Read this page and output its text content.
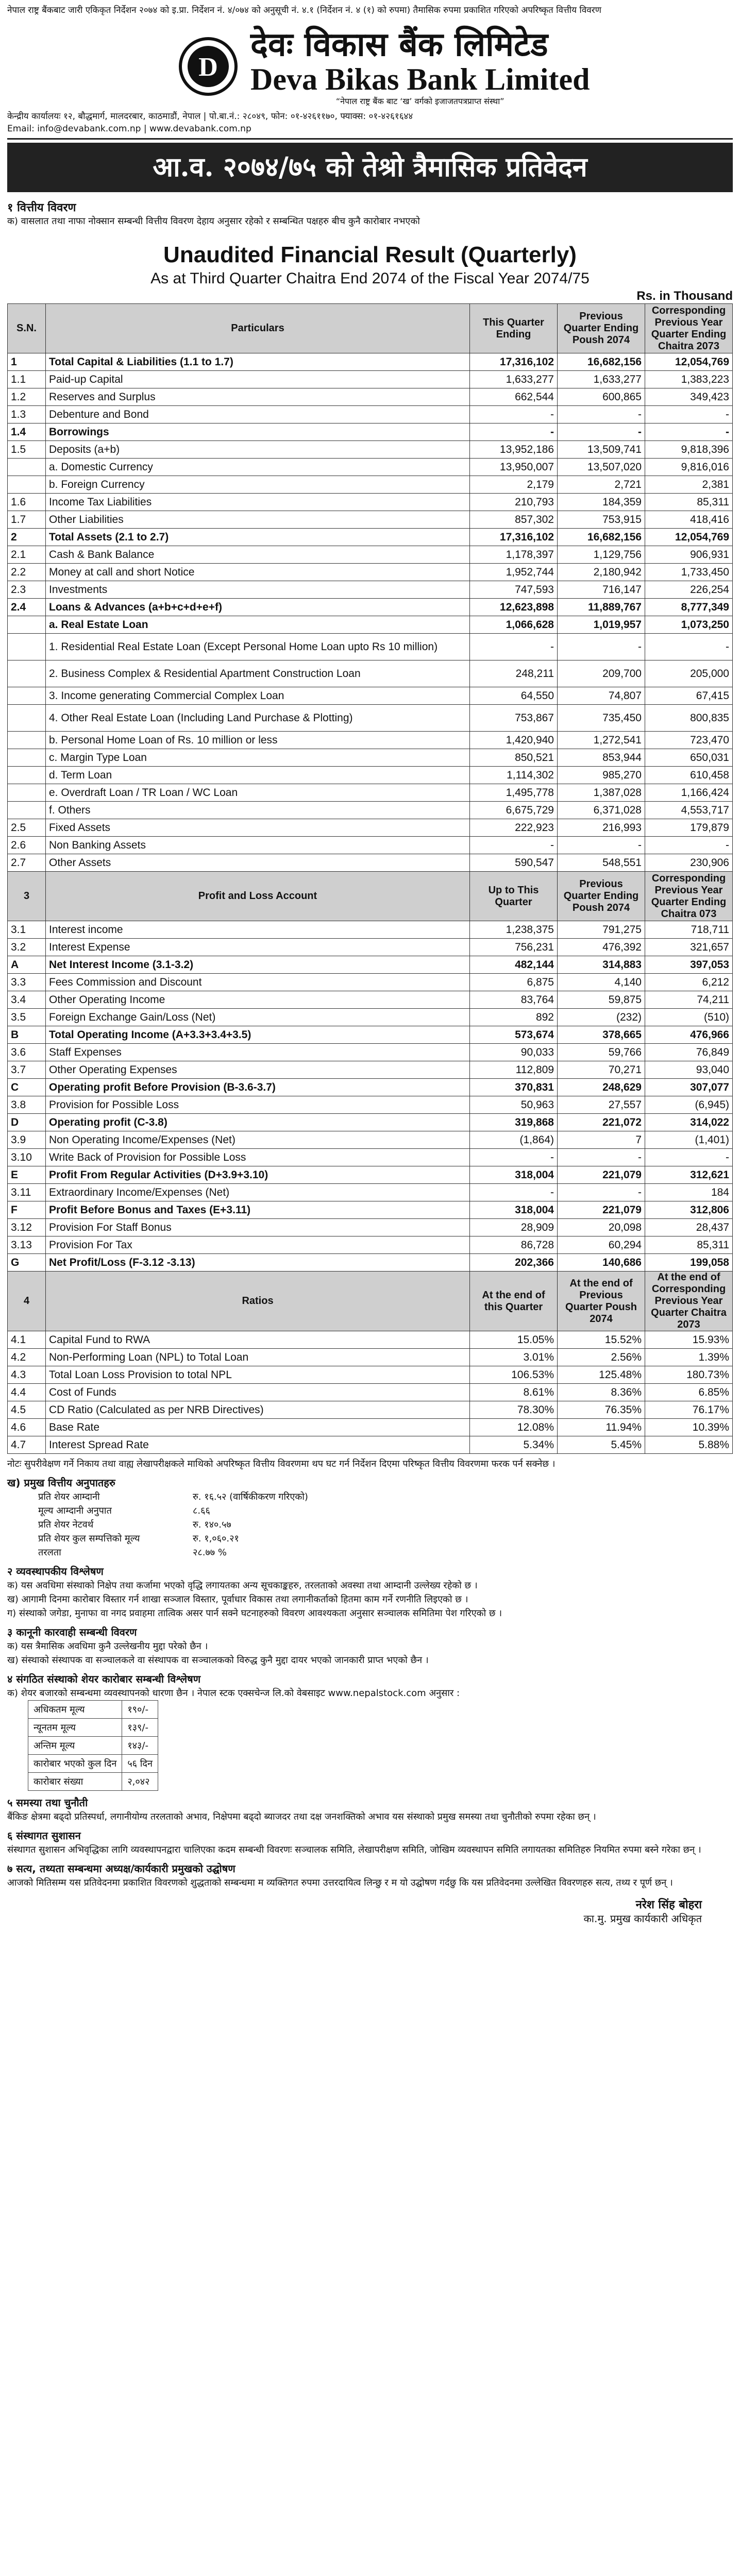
नेपाल राष्ट्र बैंकबाट जारी एकिकृत निर्देशन २०७४ को इ.प्रा. निर्देशन नं. ४/०७४ को अनुसूची नं. ४.१ (निर्देशन नं. ४ (१) को रुपमा) तैमासिक रुपमा प्रकाशित गरिएको अपरिष्कृत वित्तीय विवरण
D
देवः विकास बैंक लिमिटेड
Deva Bikas Bank Limited
“नेपाल राष्ट्र बैंक बाट ‘ख’ वर्गको इजाजतपत्रप्राप्त संस्था”
केन्द्रीय कार्यालयः १२, बौद्धमार्ग, मालदरबार, काठमाडौं, नेपाल | पो.बा.नं.: २८०४९, फोन: ०१-४२६११७०, फ्याक्स: ०१-४२६१६४४
Email: info@devabank.com.np | www.devabank.com.np
आ.व. २०७४/७५ को तेश्रो त्रैमासिक प्रतिवेदन
१ वित्तीय विवरण
क) वासलात तथा नाफा नोक्सान सम्बन्धी वित्तीय विवरण देहाय अनुसार रहेको र सम्बन्धित पक्षहरु बीच कुनै कारोबार नभएको
Unaudited Financial Result (Quarterly)
As at Third Quarter Chaitra End 2074 of the Fiscal Year 2074/75
Rs. in Thousand
S.N.	Particulars	This Quarter Ending	Previous Quarter Ending Poush 2074	Corresponding Previous Year Quarter Ending Chaitra 2073
1	Total Capital & Liabilities (1.1 to 1.7)	17,316,102	16,682,156	12,054,769
1.1	Paid-up Capital	1,633,277	1,633,277	1,383,223
1.2	Reserves and Surplus	662,544	600,865	349,423
1.3	Debenture and Bond	-	-	-
1.4	Borrowings	-	-	-
1.5	Deposits (a+b)	13,952,186	13,509,741	9,818,396
	a. Domestic Currency	13,950,007	13,507,020	9,816,016
	b. Foreign Currency	2,179	2,721	2,381
1.6	Income Tax Liabilities	210,793	184,359	85,311
1.7	Other Liabilities	857,302	753,915	418,416
2	Total Assets (2.1 to 2.7)	17,316,102	16,682,156	12,054,769
2.1	Cash & Bank Balance	1,178,397	1,129,756	906,931
2.2	Money at call and short Notice	1,952,744	2,180,942	1,733,450
2.3	Investments	747,593	716,147	226,254
2.4	Loans & Advances (a+b+c+d+e+f)	12,623,898	11,889,767	8,777,349
	a. Real Estate Loan	1,066,628	1,019,957	1,073,250
	1. Residential Real Estate Loan (Except Personal Home Loan upto Rs 10 million)	-	-	-
	2. Business Complex & Residential Apartment Construction Loan	248,211	209,700	205,000
	3. Income generating Commercial Complex Loan	64,550	74,807	67,415
	4. Other Real Estate Loan (Including Land Purchase & Plotting)	753,867	735,450	800,835
	b. Personal Home Loan of Rs. 10 million or less	1,420,940	1,272,541	723,470
	c. Margin Type Loan	850,521	853,944	650,031
	d. Term Loan	1,114,302	985,270	610,458
	e. Overdraft Loan / TR Loan / WC Loan	1,495,778	1,387,028	1,166,424
	f. Others	6,675,729	6,371,028	4,553,717
2.5	Fixed Assets	222,923	216,993	179,879
2.6	Non Banking Assets	-	-	-
2.7	Other Assets	590,547	548,551	230,906
3	Profit and Loss Account	Up to This Quarter	Previous Quarter Ending Poush 2074	Corresponding Previous Year Quarter Ending Chaitra 073
3.1	Interest income	1,238,375	791,275	718,711
3.2	Interest Expense	756,231	476,392	321,657
A	Net Interest Income (3.1-3.2)	482,144	314,883	397,053
3.3	Fees Commission and Discount	6,875	4,140	6,212
3.4	Other Operating Income	83,764	59,875	74,211
3.5	Foreign Exchange Gain/Loss (Net)	892	(232)	(510)
B	Total Operating Income (A+3.3+3.4+3.5)	573,674	378,665	476,966
3.6	Staff Expenses	90,033	59,766	76,849
3.7	Other Operating Expenses	112,809	70,271	93,040
C	Operating profit Before Provision (B-3.6-3.7)	370,831	248,629	307,077
3.8	Provision for Possible Loss	50,963	27,557	(6,945)
D	Operating profit (C-3.8)	319,868	221,072	314,022
3.9	Non Operating Income/Expenses (Net)	(1,864)	7	(1,401)
3.10	Write Back of Provision for Possible Loss	-	-	-
E	Profit From Regular Activities (D+3.9+3.10)	318,004	221,079	312,621
3.11	Extraordinary Income/Expenses (Net)	-	-	184
F	Profit Before Bonus and Taxes (E+3.11)	318,004	221,079	312,806
3.12	Provision For Staff Bonus	28,909	20,098	28,437
3.13	Provision For Tax	86,728	60,294	85,311
G	Net Profit/Loss (F-3.12 -3.13)	202,366	140,686	199,058
4	Ratios	At the end of this Quarter	At the end of Previous Quarter Poush 2074	At the end of Corresponding Previous Year Quarter Chaitra 2073
4.1	Capital Fund to RWA	15.05%	15.52%	15.93%
4.2	Non-Performing Loan (NPL) to Total Loan	3.01%	2.56%	1.39%
4.3	Total Loan Loss Provision to total NPL	106.53%	125.48%	180.73%
4.4	Cost of Funds	8.61%	8.36%	6.85%
4.5	CD Ratio (Calculated as per NRB Directives)	78.30%	76.35%	76.17%
4.6	Base Rate	12.08%	11.94%	10.39%
4.7	Interest Spread Rate	5.34%	5.45%	5.88%
नोटः सुपरीवेक्षण गर्ने निकाय तथा वाह्य लेखापरीक्षकले माथिको अपरिष्कृत वित्तीय विवरणमा थप घट गर्न निर्देशन दिएमा परिष्कृत वित्तीय विवरणमा फरक पर्न सक्नेछ ।
ख) प्रमुख वित्तीय अनुपातहरु
प्रति शेयर आम्दानी	रु. १६.५२ (वार्षिकीकरण गरिएको)
मूल्य आम्दानी अनुपात	८.६६
प्रति शेयर नेटवर्थ	रु. १४०.५७
प्रति शेयर कुल सम्पत्तिको मूल्य	रु. १,०६०.२१
तरलता	२८.७७ %
२ व्यवस्थापकीय विश्लेषण
क) यस अवधिमा संस्थाको निक्षेप तथा कर्जामा भएको वृद्धि लगायतका अन्य सूचकाङ्कहरु, तरलताको अवस्था तथा आम्दानी उल्लेख्य रहेको छ ।
ख) आगामी दिनमा कारोबार विस्तार गर्न शाखा सञ्जाल विस्तार, पूर्वाधार विकास तथा लगानीकर्ताको हितमा काम गर्ने रणनीति लिइएको छ ।
ग) संस्थाको जगेडा, मुनाफा वा नगद प्रवाहमा तात्विक असर पार्न सक्ने घटनाहरुको विवरण आवश्यकता अनुसार सञ्चालक समितिमा पेश गरिएको छ ।
३ कानूनी कारवाही सम्बन्धी विवरण
क) यस त्रैमासिक अवधिमा कुनै उल्लेखनीय मुद्दा परेको छैन ।
ख) संस्थाको संस्थापक वा सञ्चालकले वा संस्थापक वा सञ्चालकको विरुद्ध कुनै मुद्दा दायर भएको जानकारी प्राप्त भएको छैन ।
४ संगठित संस्थाको शेयर कारोबार सम्बन्धी विश्लेषण
क) शेयर बजारको सम्बन्धमा व्यवस्थापनको धारणा छैन । नेपाल स्टक एक्सचेन्ज लि.को वेबसाइट www.nepalstock.com अनुसार :
अधिकतम मूल्य	१९०/-
न्यूनतम मूल्य	१३९/-
अन्तिम मूल्य	१४३/-
कारोबार भएको कुल दिन	५६ दिन
कारोबार संख्या	२,०४२
५ समस्या तथा चुनौती
बैंकिङ क्षेत्रमा बढ्दो प्रतिस्पर्धा, लगानीयोग्य तरलताको अभाव, निक्षेपमा बढ्दो ब्याजदर तथा दक्ष जनशक्तिको अभाव यस संस्थाको प्रमुख समस्या तथा चुनौतीको रुपमा रहेका छन् ।
६ संस्थागत सुशासन
संस्थागत सुशासन अभिवृद्धिका लागि व्यवस्थापनद्वारा चालिएका कदम सम्बन्धी विवरणः सञ्चालक समिति, लेखापरीक्षण समिति, जोखिम व्यवस्थापन समिति लगायतका समितिहरु नियमित रुपमा बस्ने गरेका छन् ।
७ सत्य, तथ्यता सम्बन्धमा अध्यक्ष/कार्यकारी प्रमुखको उद्घोषण
आजको मितिसम्म यस प्रतिवेदनमा प्रकाशित विवरणको शुद्धताको सम्बन्धमा म व्यक्तिगत रुपमा उत्तरदायित्व लिन्छु र म यो उद्घोषण गर्दछु कि यस प्रतिवेदनमा उल्लेखित विवरणहरु सत्य, तथ्य र पूर्ण छन् ।
नरेश सिंह बोहरा
का.मु. प्रमुख कार्यकारी अधिकृत
